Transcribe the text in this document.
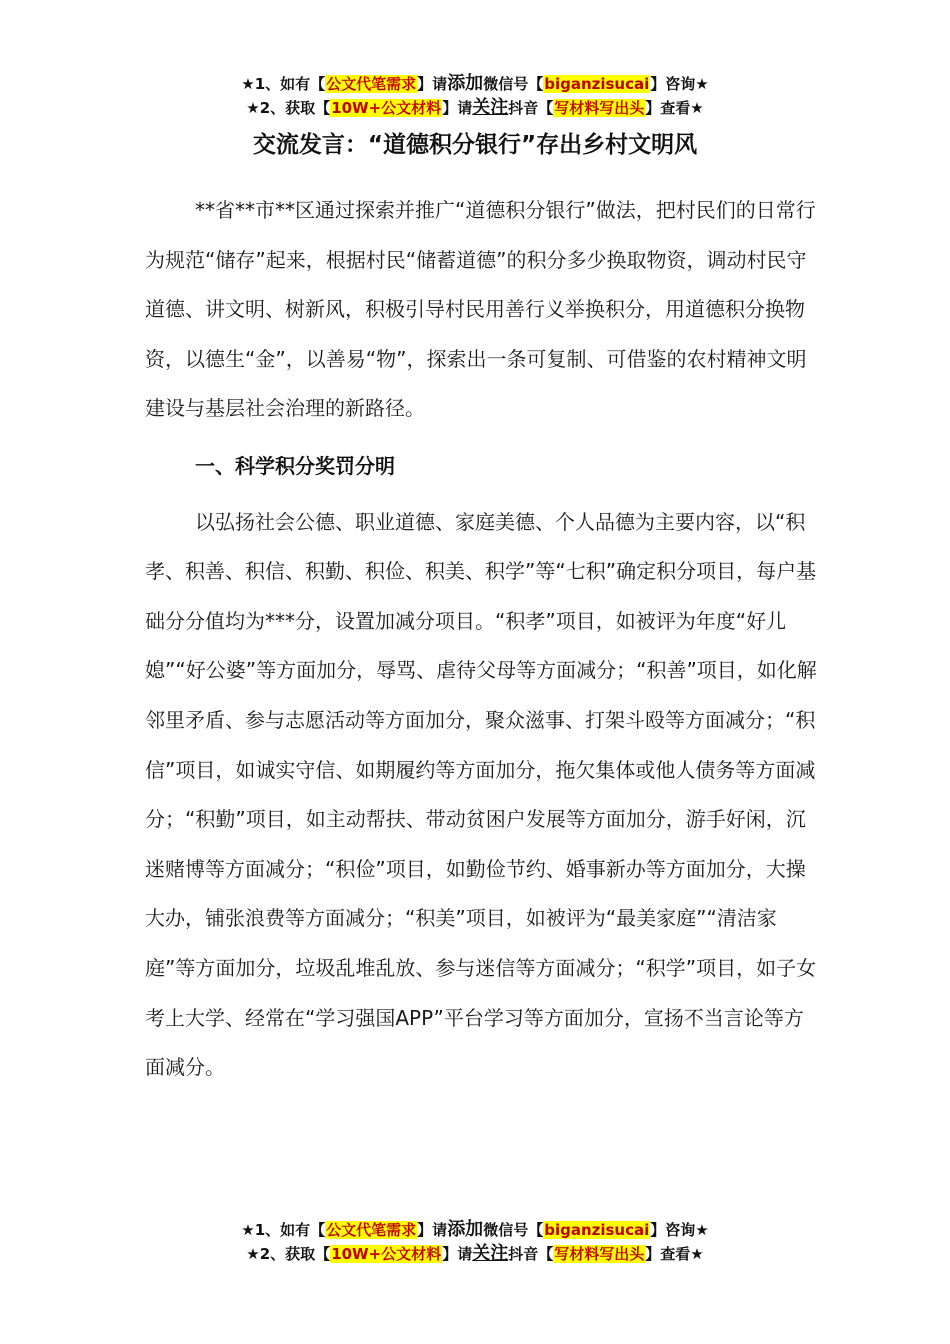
★1、如有【公文代笔需求】请添加微信号【biganzisucai】咨询★
★2、获取【10W+公文材料】请关注抖音【写材料写出头】查看★
交流发言：“道德积分银行”存出乡村文明风

**省**市**区通过探索并推广“道德积分银行”做法，把村民们的日常行为规范“储存”起来，根据村民“储蓄道德”的积分多少换取物资，调动村民守道德、讲文明、树新风，积极引导村民用善行义举换积分，用道德积分换物资，以德生“金”，以善易“物”，探索出一条可复制、可借鉴的农村精神文明建设与基层社会治理的新路径。

一、科学积分奖罚分明

以弘扬社会公德、职业道德、家庭美德、个人品德为主要内容，以“积孝、积善、积信、积勤、积俭、积美、积学”等“七积”确定积分项目，每户基础分分值均为***分，设置加减分项目。“积孝”项目，如被评为年度“好儿媳”“好公婆”等方面加分，辱骂、虐待父母等方面减分；“积善”项目，如化解邻里矛盾、参与志愿活动等方面加分，聚众滋事、打架斗殴等方面减分；“积信”项目，如诚实守信、如期履约等方面加分，拖欠集体或他人债务等方面减分；“积勤”项目，如主动帮扶、带动贫困户发展等方面加分，游手好闲，沉迷赌博等方面减分；“积俭”项目，如勤俭节约、婚事新办等方面加分，大操大办，铺张浪费等方面减分；“积美”项目，如被评为“最美家庭”“清洁家庭”等方面加分，垃圾乱堆乱放、参与迷信等方面减分；“积学”项目，如子女考上大学、经常在“学习强国APP”平台学习等方面加分，宣扬不当言论等方面减分。

★1、如有【公文代笔需求】请添加微信号【biganzisucai】咨询★
★2、获取【10W+公文材料】请关注抖音【写材料写出头】查看★
